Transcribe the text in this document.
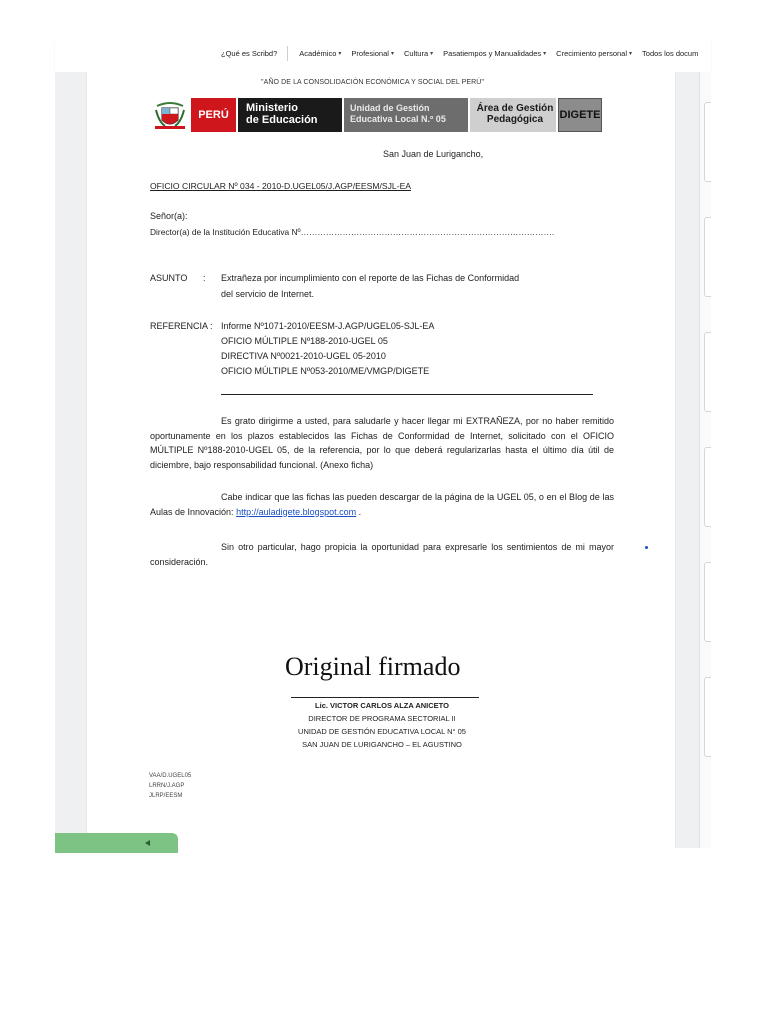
¿Qué es Scribd?	Académico ▾ Profesional ▾ Cultura ▾ Pasatiempos y Manualidades ▾ Crecimiento personal ▾ Todos los docum
"AÑO DE LA CONSOLIDACIÓN ECONÓMICA Y SOCIAL DEL PERÚ"
PERÚ
Ministerio
de Educación
Unidad de Gestión
Educativa Local N.º 05
Área de Gestión
Pedagógica	DIGETE
San Juan de Lurigancho,
OFICIO CIRCULAR Nº 034 - 2010-D.UGEL05/J.AGP/EESM/SJL-EA
Señor(a):
Director(a) de la Institución Educativa Nº……………………………………………………………………………….
ASUNTO : Extrañeza por incumplimiento con el reporte de las Fichas de Conformidad
del servicio de Internet.
REFERENCIA : Informe Nº1071-2010/EESM-J.AGP/UGEL05-SJL-EA
OFICIO MÚLTIPLE Nº188-2010-UGEL 05
DIRECTIVA Nº0021-2010-UGEL 05-2010
OFICIO MÚLTIPLE Nº053-2010/ME/VMGP/DIGETE
Es grato dirigirme a usted, para saludarle y hacer llegar mi EXTRAÑEZA, por no haber remitido oportunamente en los plazos establecidos las Fichas de Conformidad de Internet, solicitado con el OFICIO MÚLTIPLE Nº188-2010-UGEL 05, de la referencia, por lo que deberá regularizarlas hasta el último día útil de diciembre, bajo responsabilidad funcional. (Anexo ficha)
Cabe indicar que las fichas las pueden descargar de la página de la UGEL 05, o en el Blog de las Aulas de Innovación: http://auladigete.blogspot.com .
Sin otro particular, hago propicia la oportunidad para expresarle los sentimientos de mi mayor consideración.
Original firmado
Lic. VICTOR CARLOS ALZA ANICETO
DIRECTOR DE PROGRAMA SECTORIAL II
UNIDAD DE GESTIÓN EDUCATIVA LOCAL N° 05
SAN JUAN DE LURIGANCHO – EL AGUSTINO
VAA/D.UGEL05
LRRN/J.AGP
JLRP/EESM
